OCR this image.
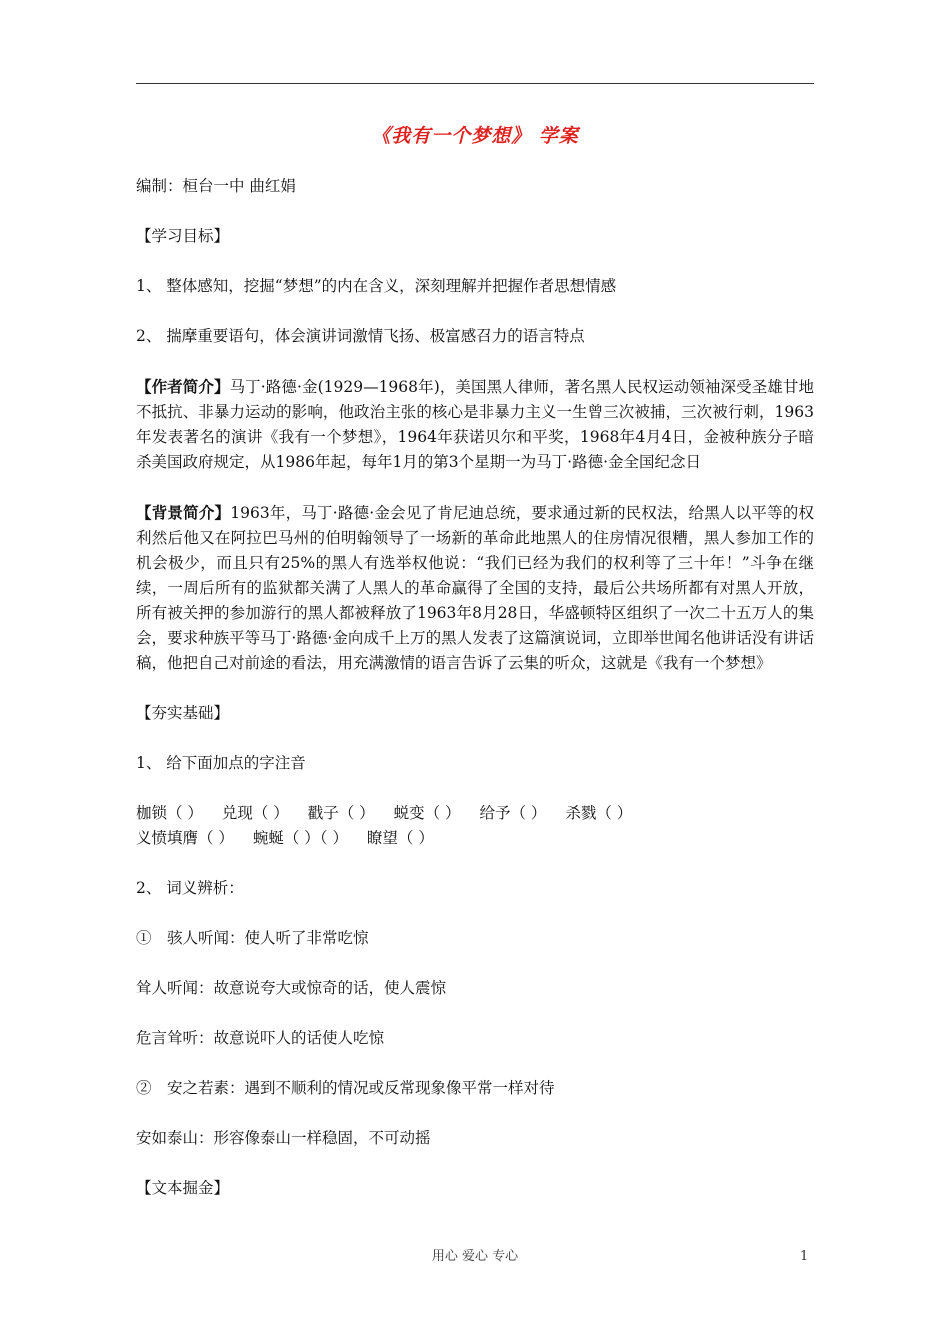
《我有一个梦想》 学案

编制：桓台一中 曲红娟

【学习目标】

1、 整体感知，挖掘“梦想”的内在含义，深刻理解并把握作者思想情感

2、 揣摩重要语句，体会演讲词激情飞扬、极富感召力的语言特点

【作者简介】马丁·路德·金(1929—1968年)，美国黑人律师，著名黑人民权运动领袖深受圣雄甘地不抵抗、非暴力运动的影响，他政治主张的核心是非暴力主义一生曾三次被捕，三次被行刺，1963年发表著名的演讲《我有一个梦想》，1964年获诺贝尔和平奖，1968年4月4日，金被种族分子暗杀美国政府规定，从1986年起，每年1月的第3个星期一为马丁·路德·金全国纪念日

【背景简介】1963年，马丁·路德·金会见了肯尼迪总统，要求通过新的民权法，给黑人以平等的权利然后他又在阿拉巴马州的伯明翰领导了一场新的革命此地黑人的住房情况很糟，黑人参加工作的机会极少，而且只有25%的黑人有选举权他说：“我们已经为我们的权利等了三十年！”斗争在继续，一周后所有的监狱都关满了人黑人的革命赢得了全国的支持，最后公共场所都有对黑人开放，所有被关押的参加游行的黑人都被释放了1963年8月28日，华盛顿特区组织了一次二十五万人的集会，要求种族平等马丁·路德·金向成千上万的黑人发表了这篇演说词，立即举世闻名他讲话没有讲话稿，他把自己对前途的看法，用充满激情的语言告诉了云集的听众，这就是《我有一个梦想》

【夯实基础】

1、 给下面加点的字注音

枷锁（ ） 兑现（ ） 戳子（ ） 蜕变（ ） 给予（ ） 杀戮（ ）

义愤填膺（ ） 蜿蜒（ ）（ ） 瞭望（ ）

2、 词义辨析：

①　骇人听闻：使人听了非常吃惊

耸人听闻：故意说夸大或惊奇的话，使人震惊

危言耸听：故意说吓人的话使人吃惊

②　安之若素：遇到不顺利的情况或反常现象像平常一样对待

安如泰山：形容像泰山一样稳固，不可动摇

【文本掘金】

用心 爱心 专心	1
